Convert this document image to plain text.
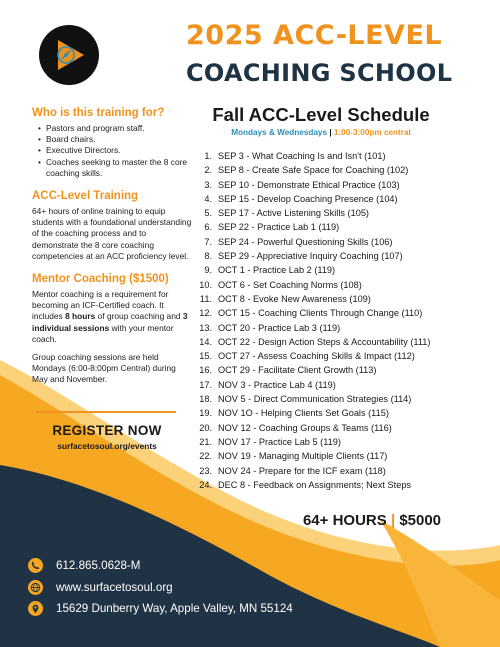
2025 ACC-LEVEL
COACHING SCHOOL
Who is this training for?
• Pastors and program staff.
• Board chairs.
• Executive Directors.
• Coaches seeking to master the 8 core coaching skills.
ACC-Level Training
64+ hours of online training to equip students with a foundational understanding of the coaching process and to demonstrate the 8 core coaching competencies at an ACC proficiency level.
Mentor Coaching ($1500)
Mentor coaching is a requirement for becoming an ICF-Certified coach. It includes 8 hours of group coaching and 3 individual sessions with your mentor coach.
Group coaching sessions are held Mondays (6:00-8:00pm Central) during May and November.
REGISTER NOW
surfacetosoul.org/events
Fall ACC-Level Schedule
Mondays & Wednesdays | 1:00-3:00pm central
1. SEP 3 - What Coaching Is and Isn't (101)
2. SEP 8 - Create Safe Space for Coaching (102)
3. SEP 10 - Demonstrate Ethical Practice (103)
4. SEP 15 - Develop Coaching Presence (104)
5. SEP 17 - Active Listening Skills (105)
6. SEP 22 - Practice Lab 1 (119)
7. SEP 24 - Powerful Questioning Skills (106)
8. SEP 29 - Appreciative Inquiry Coaching (107)
9. OCT 1 - Practice Lab 2 (119)
10. OCT 6 - Set Coaching Norms (108)
11. OCT 8 - Evoke New Awareness (109)
12. OCT 15 - Coaching Clients Through Change (110)
13. OCT 20 - Practice Lab 3 (119)
14. OCT 22 - Design Action Steps & Accountability (111)
15. OCT 27 - Assess Coaching Skills & Impact (112)
16. OCT 29 - Facilitate Client Growth (113)
17. NOV 3 - Practice Lab 4 (119)
18. NOV 5 - Direct Communication Strategies (114)
19. NOV 1O - Helping Clients Set Goals (115)
20. NOV 12 - Coaching Groups & Teams (116)
21. NOV 17 - Practice Lab 5 (119)
22. NOV 19 - Managing Multiple Clients (117)
23. NOV 24 - Prepare for the ICF exam (118)
24. DEC 8 - Feedback on Assignments; Next Steps
64+ HOURS | $5000
612.865.0628-M
www.surfacetosoul.org
15629 Dunberry Way, Apple Valley, MN 55124
